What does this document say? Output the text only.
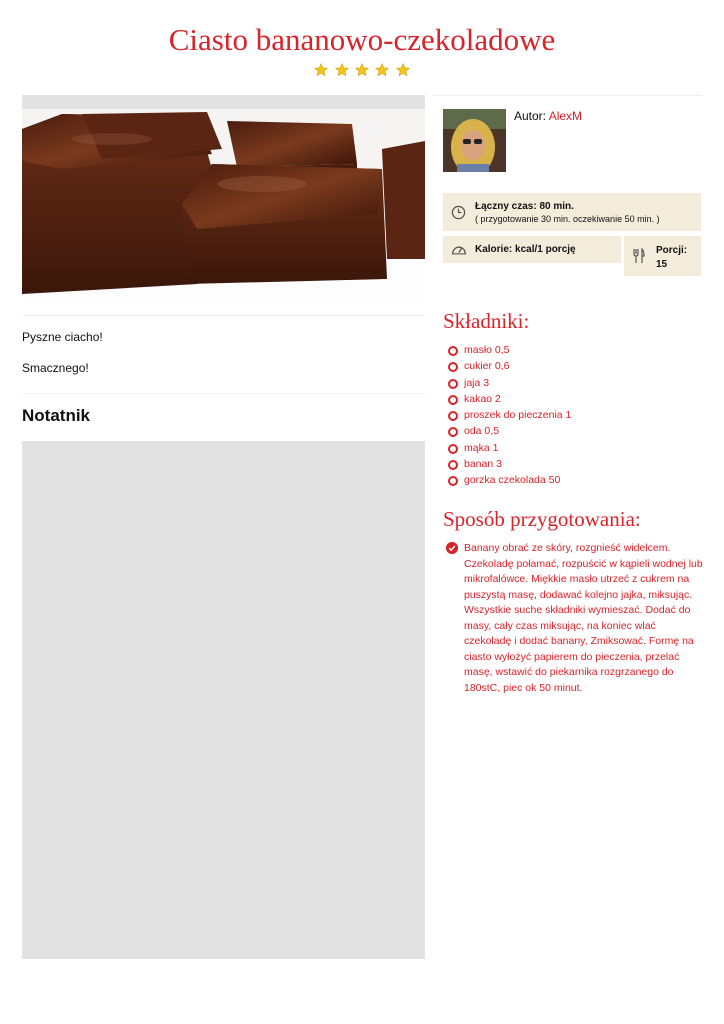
Ciasto bananowo-czekoladowe

Pyszne ciacho!

Smacznego!

Notatnik
Autor: AlexM
Łączny czas: 80 min.
( przygotowanie 30 min. oczekiwanie 50 min. )
Kalorie: kcal/1 porcję	Porcji:
15
Składniki:
masło 0,5
cukier 0,6
jaja 3
kakao 2
proszek do pieczenia 1
oda 0,5
mąka 1
banan 3
gorzka czekolada 50
Sposób przygotowania:

Banany obrać ze skóry, rozgnieść widelcem. Czekoladę połamać, rozpuścić w kąpieli wodnej lub mikrofalówce. Miękkie masło utrzeć z cukrem na puszystą masę, dodawać kolejno jajka, miksując. Wszystkie suche składniki wymieszać. Dodać do masy, cały czas miksując, na koniec wlać czekoladę i dodać banany, Zmiksować. Formę na ciasto wyłożyć papierem do pieczenia, przelać masę, wstawić do piekarnika rozgrzanego do 180stC, piec ok 50 minut.
